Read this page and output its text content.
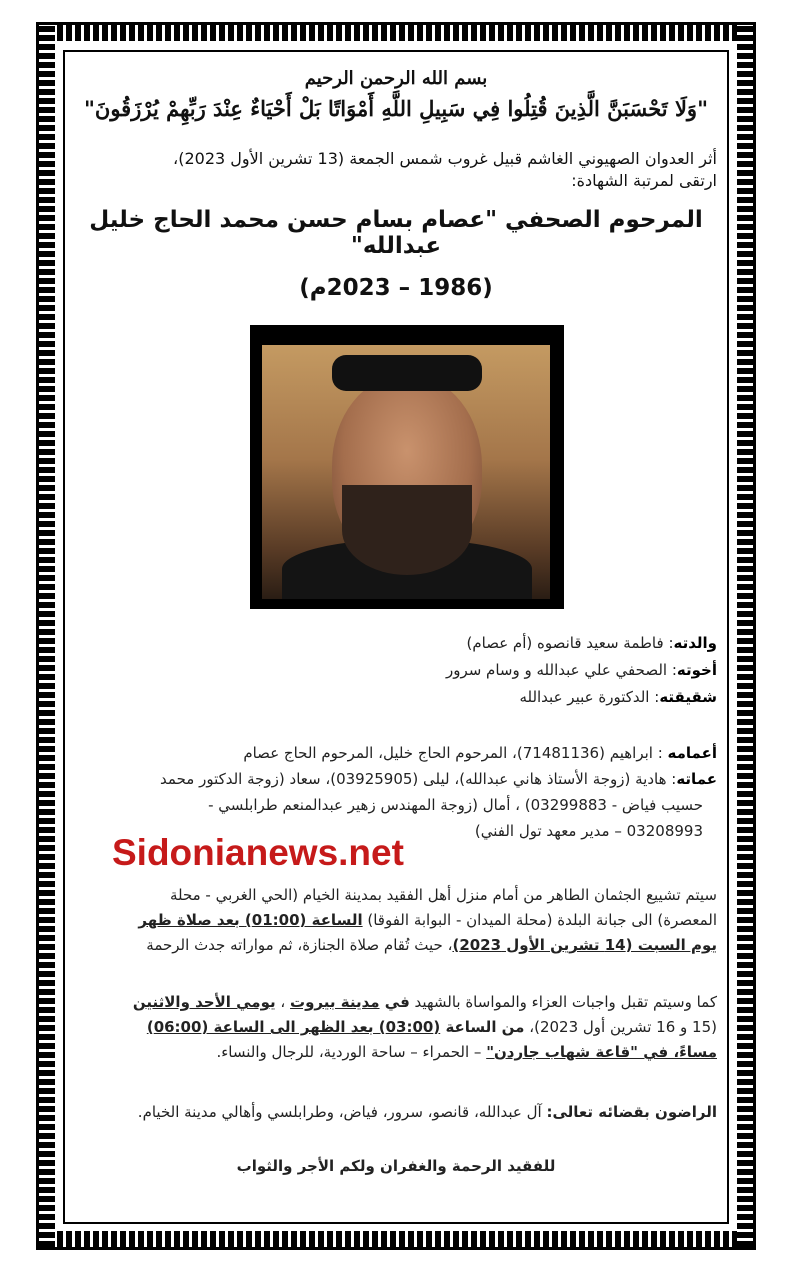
بسم الله الرحمن الرحيم
"وَلَا تَحْسَبَنَّ الَّذِينَ قُتِلُوا فِي سَبِيلِ اللَّهِ أَمْوَاتًا بَلْ أَحْيَاءٌ عِنْدَ رَبِّهِمْ يُرْزَقُونَ"
أثر العدوان الصهيوني الغاشم قبيل غروب شمس الجمعة (13 تشرين الأول 2023)،
ارتقى لمرتبة الشهادة:
المرحوم الصحفي "عصام بسام حسن محمد الحاج خليل عبدالله"
(1986 – 2023م)

والدته: فاطمة سعيد قانصوه (أم عصام)

أخوته: الصحفي علي عبدالله و وسام سرور

شقيقته: الدكتورة عبير عبدالله

أعمامه : ابراهيم (71481136)، المرحوم الحاج خليل، المرحوم الحاج عصام

عماته: هادية (زوجة الأستاذ هاني عبدالله)، ليلى (03925905)، سعاد (زوجة الدكتور محمد

حسيب فياض - 03299883) ، أمال (زوجة المهندس زهير عبدالمنعم طرابلسي -

03208993 – مدير معهد تول الفني)

Sidonianews.net
سيتم تشييع الجثمان الطاهر من أمام منزل أهل الفقيد بمدينة الخيام (الحي الغربي - محلة
المعصرة) الى جبانة البلدة (محلة الميدان - البوابة الفوقا) الساعة (01:00) بعد صلاة ظهر
يوم السبت (14 تشرين الأول 2023)، حيث تُقام صلاة الجنازة، ثم مواراته جدث الرحمة
كما وسيتم تقبل واجبات العزاء والمواساة بالشهيد في مدينة بيروت ، يومي الأحد والاثنين
(15 و 16 تشرين أول 2023)، من الساعة (03:00) بعد الظهر الى الساعة (06:00)
مساءً، في "قاعة شهاب جاردن" – الحمراء – ساحة الوردية، للرجال والنساء.
الراضون بقضائه تعالى: آل عبدالله، قانصو، سرور، فياض، وطرابلسي وأهالي مدينة الخيام.
للفقيد الرحمة والغفران ولكم الأجر والثواب
